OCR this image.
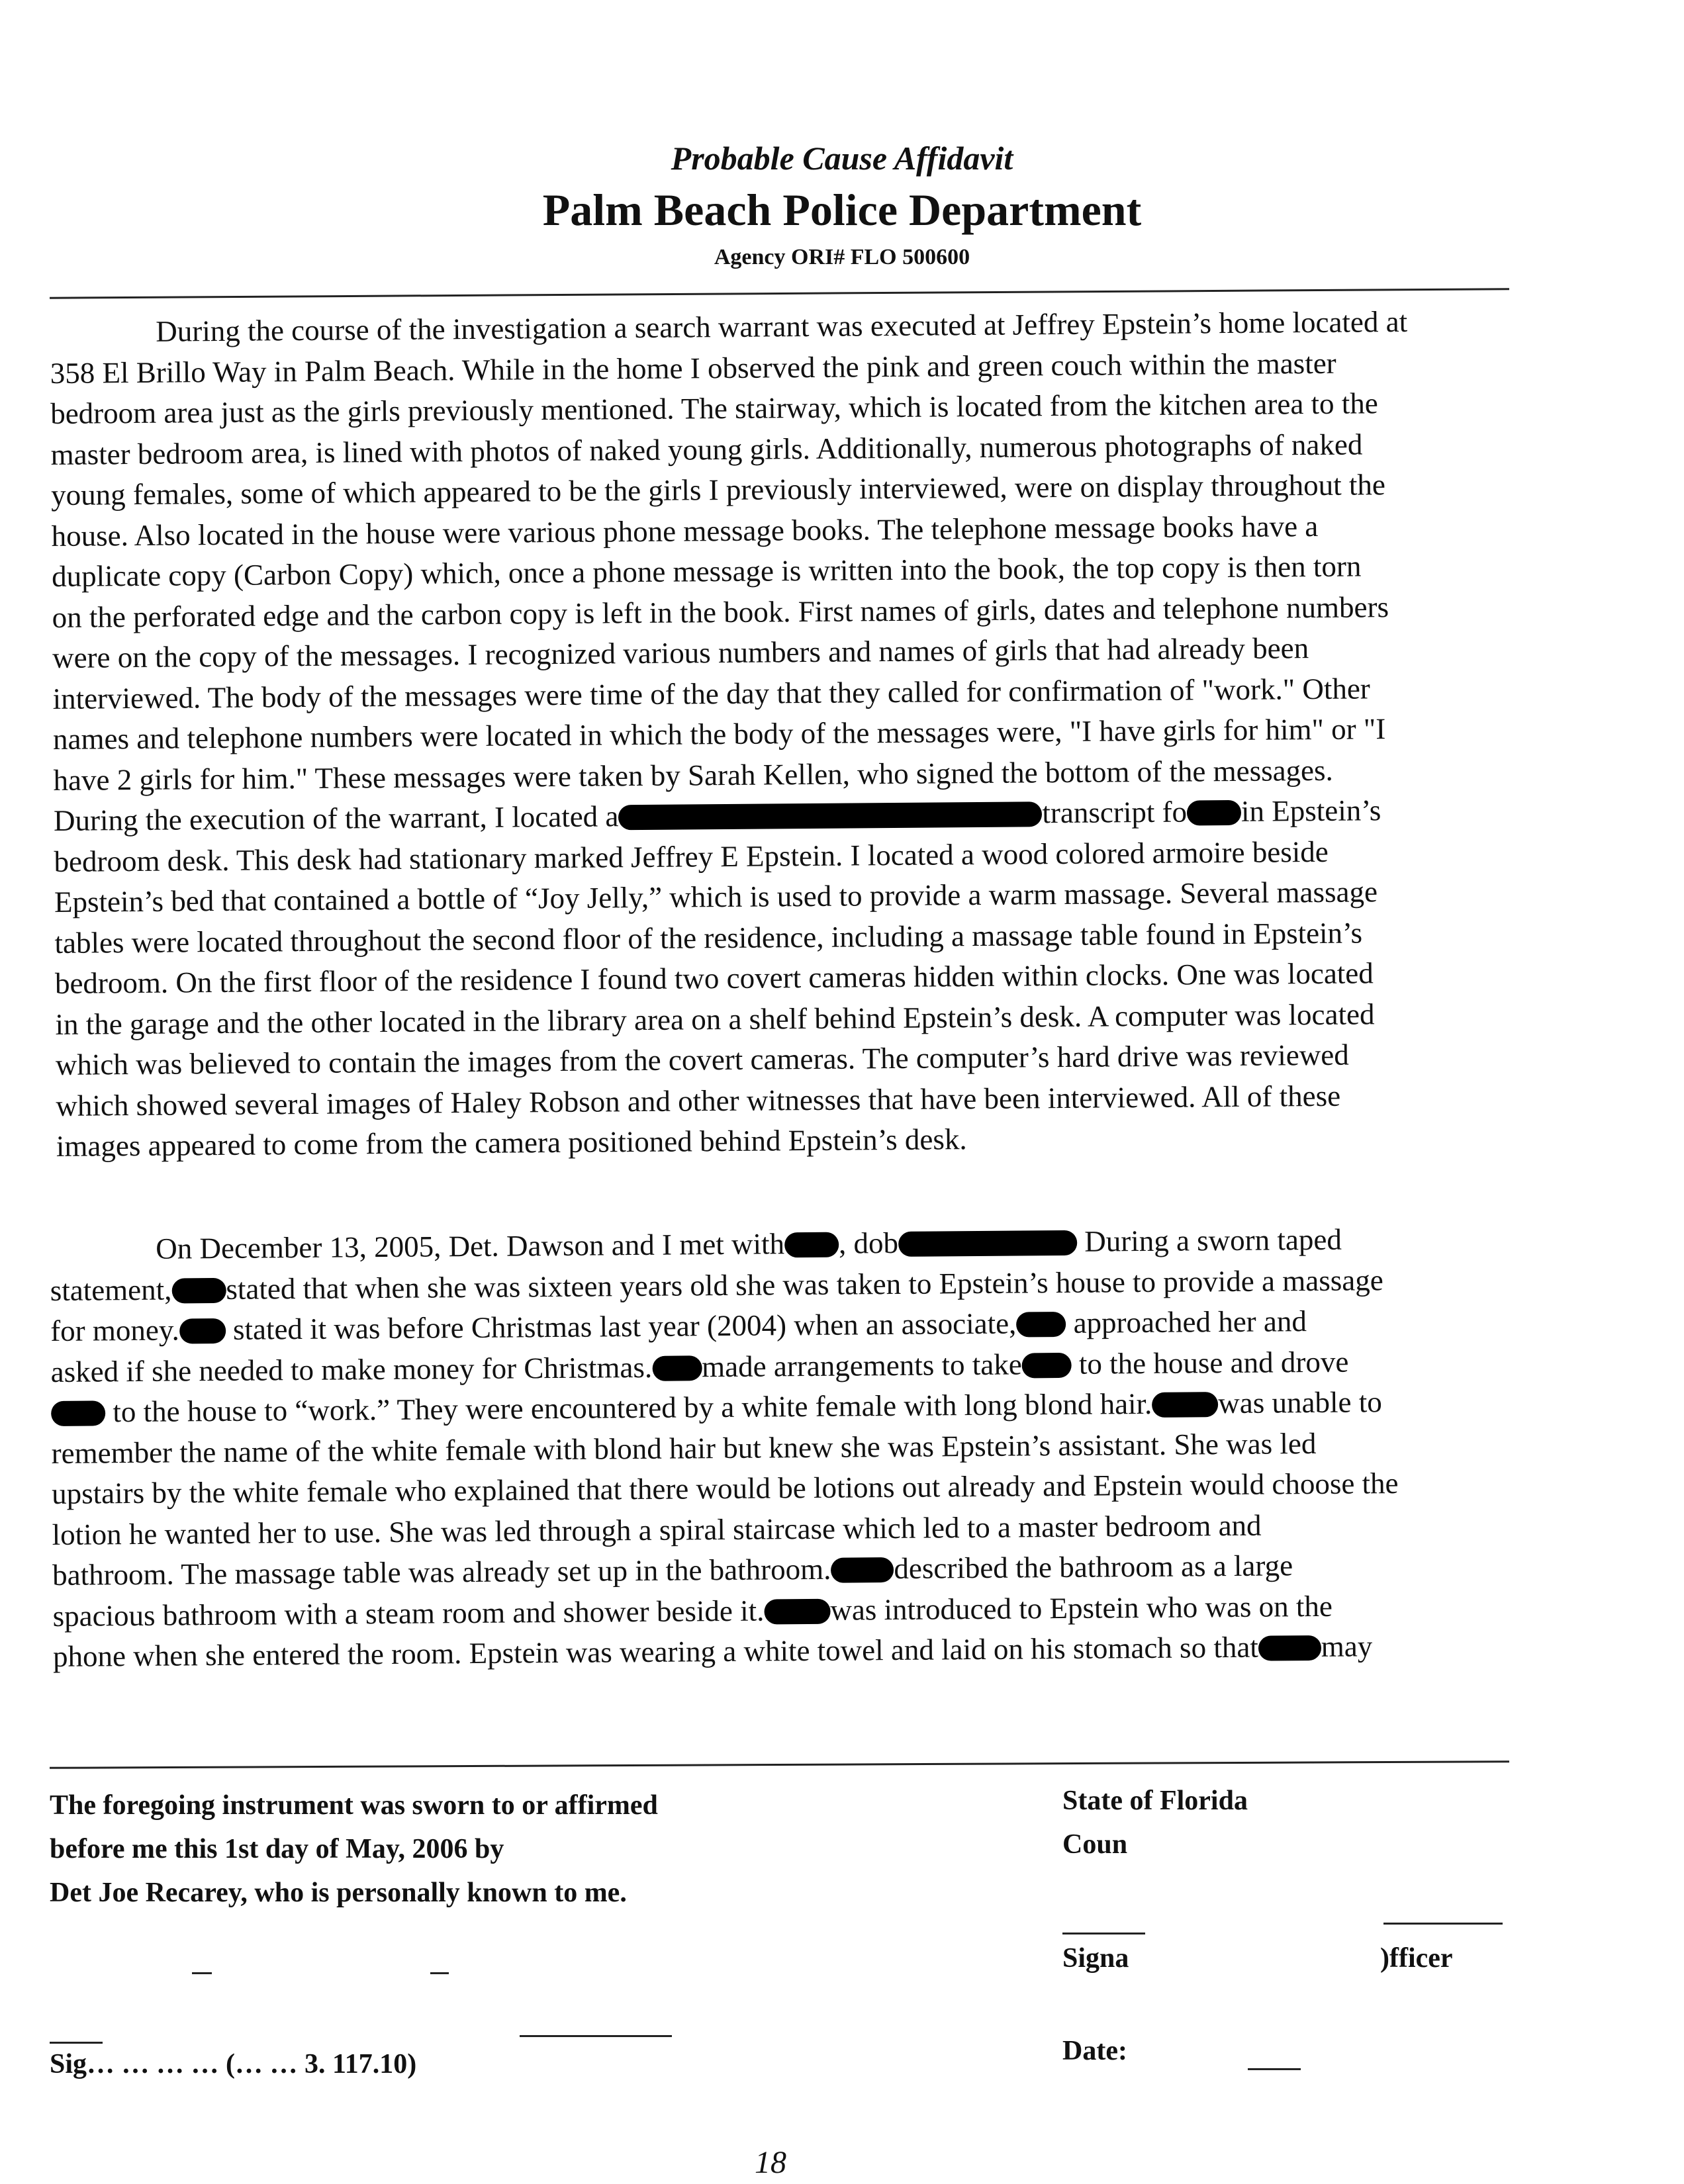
Probable Cause Affidavit
Palm Beach Police Department
Agency ORI# FLO 500600
During the course of the investigation a search warrant was executed at Jeffrey Epstein’s home located at
358 El Brillo Way in Palm Beach. While in the home I observed the pink and green couch within the master
bedroom area just as the girls previously mentioned. The stairway, which is located from the kitchen area to the
master bedroom area, is lined with photos of naked young girls. Additionally, numerous photographs of naked
young females, some of which appeared to be the girls I previously interviewed, were on display throughout the
house. Also located in the house were various phone message books. The telephone message books have a
duplicate copy (Carbon Copy) which, once a phone message is written into the book, the top copy is then torn
on the perforated edge and the carbon copy is left in the book. First names of girls, dates and telephone numbers
were on the copy of the messages. I recognized various numbers and names of girls that had already been
interviewed. The body of the messages were time of the day that they called for confirmation of "work." Other
names and telephone numbers were located in which the body of the messages were, "I have girls for him" or "I
have 2 girls for him." These messages were taken by Sarah Kellen, who signed the bottom of the messages.
During the execution of the warrant, I located a	transcript fo in Epstein’s
bedroom desk. This desk had stationary marked Jeffrey E Epstein. I located a wood colored armoire beside
Epstein’s bed that contained a bottle of “Joy Jelly,” which is used to provide a warm massage. Several massage
tables were located throughout the second floor of the residence, including a massage table found in Epstein’s
bedroom. On the first floor of the residence I found two covert cameras hidden within clocks. One was located
in the garage and the other located in the library area on a shelf behind Epstein’s desk. A computer was located
which was believed to contain the images from the covert cameras. The computer’s hard drive was reviewed
which showed several images of Haley Robson and other witnesses that have been interviewed. All of these
images appeared to come from the camera positioned behind Epstein’s desk.
On December 13, 2005, Det. Dawson and I met with , dob	During a sworn taped
statement, stated that when she was sixteen years old she was taken to Epstein’s house to provide a massage
for money. stated it was before Christmas last year (2004) when an associate, approached her and
asked if she needed to make money for Christmas. made arrangements to take to the house and drove
to the house to “work.” They were encountered by a white female with long blond hair. was unable to
remember the name of the white female with blond hair but knew she was Epstein’s assistant. She was led
upstairs by the white female who explained that there would be lotions out already and Epstein would choose the
lotion he wanted her to use. She was led through a spiral staircase which led to a master bedroom and
bathroom. The massage table was already set up in the bathroom. described the bathroom as a large
spacious bathroom with a steam room and shower beside it. was introduced to Epstein who was on the
phone when she entered the room. Epstein was wearing a white towel and laid on his stomach so that may
The foregoing instrument was sworn to or affirmed
before me this 1st day of May, 2006 by
Det Joe Recarey, who is personally known to me.
State of Florida
Coun
Signa	)fficer
Date:
Sig… … … … (… … 3. 117.10)
18
